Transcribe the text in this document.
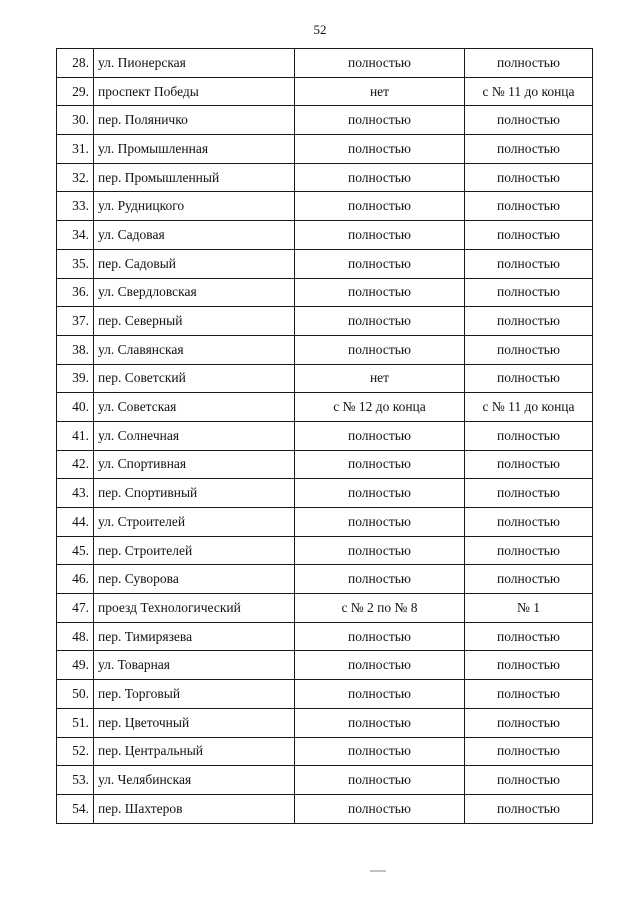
52
28.	ул. Пионерская	полностью	полностью
29.	проспект Победы	нет	с № 11 до конца
30.	пер. Поляничко	полностью	полностью
31.	ул. Промышленная	полностью	полностью
32.	пер. Промышленный	полностью	полностью
33.	ул. Рудницкого	полностью	полностью
34.	ул. Садовая	полностью	полностью
35.	пер. Садовый	полностью	полностью
36.	ул. Свердловская	полностью	полностью
37.	пер. Северный	полностью	полностью
38.	ул. Славянская	полностью	полностью
39.	пер. Советский	нет	полностью
40.	ул. Советская	с № 12 до конца	с № 11 до конца
41.	ул. Солнечная	полностью	полностью
42.	ул. Спортивная	полностью	полностью
43.	пер. Спортивный	полностью	полностью
44.	ул. Строителей	полностью	полностью
45.	пер. Строителей	полностью	полностью
46.	пер. Суворова	полностью	полностью
47.	проезд Технологический	с № 2 по № 8	№ 1
48.	пер. Тимирязева	полностью	полностью
49.	ул. Товарная	полностью	полностью
50.	пер. Торговый	полностью	полностью
51.	пер. Цветочный	полностью	полностью
52.	пер. Центральный	полностью	полностью
53.	ул. Челябинская	полностью	полностью
54.	пер. Шахтеров	полностью	полностью
